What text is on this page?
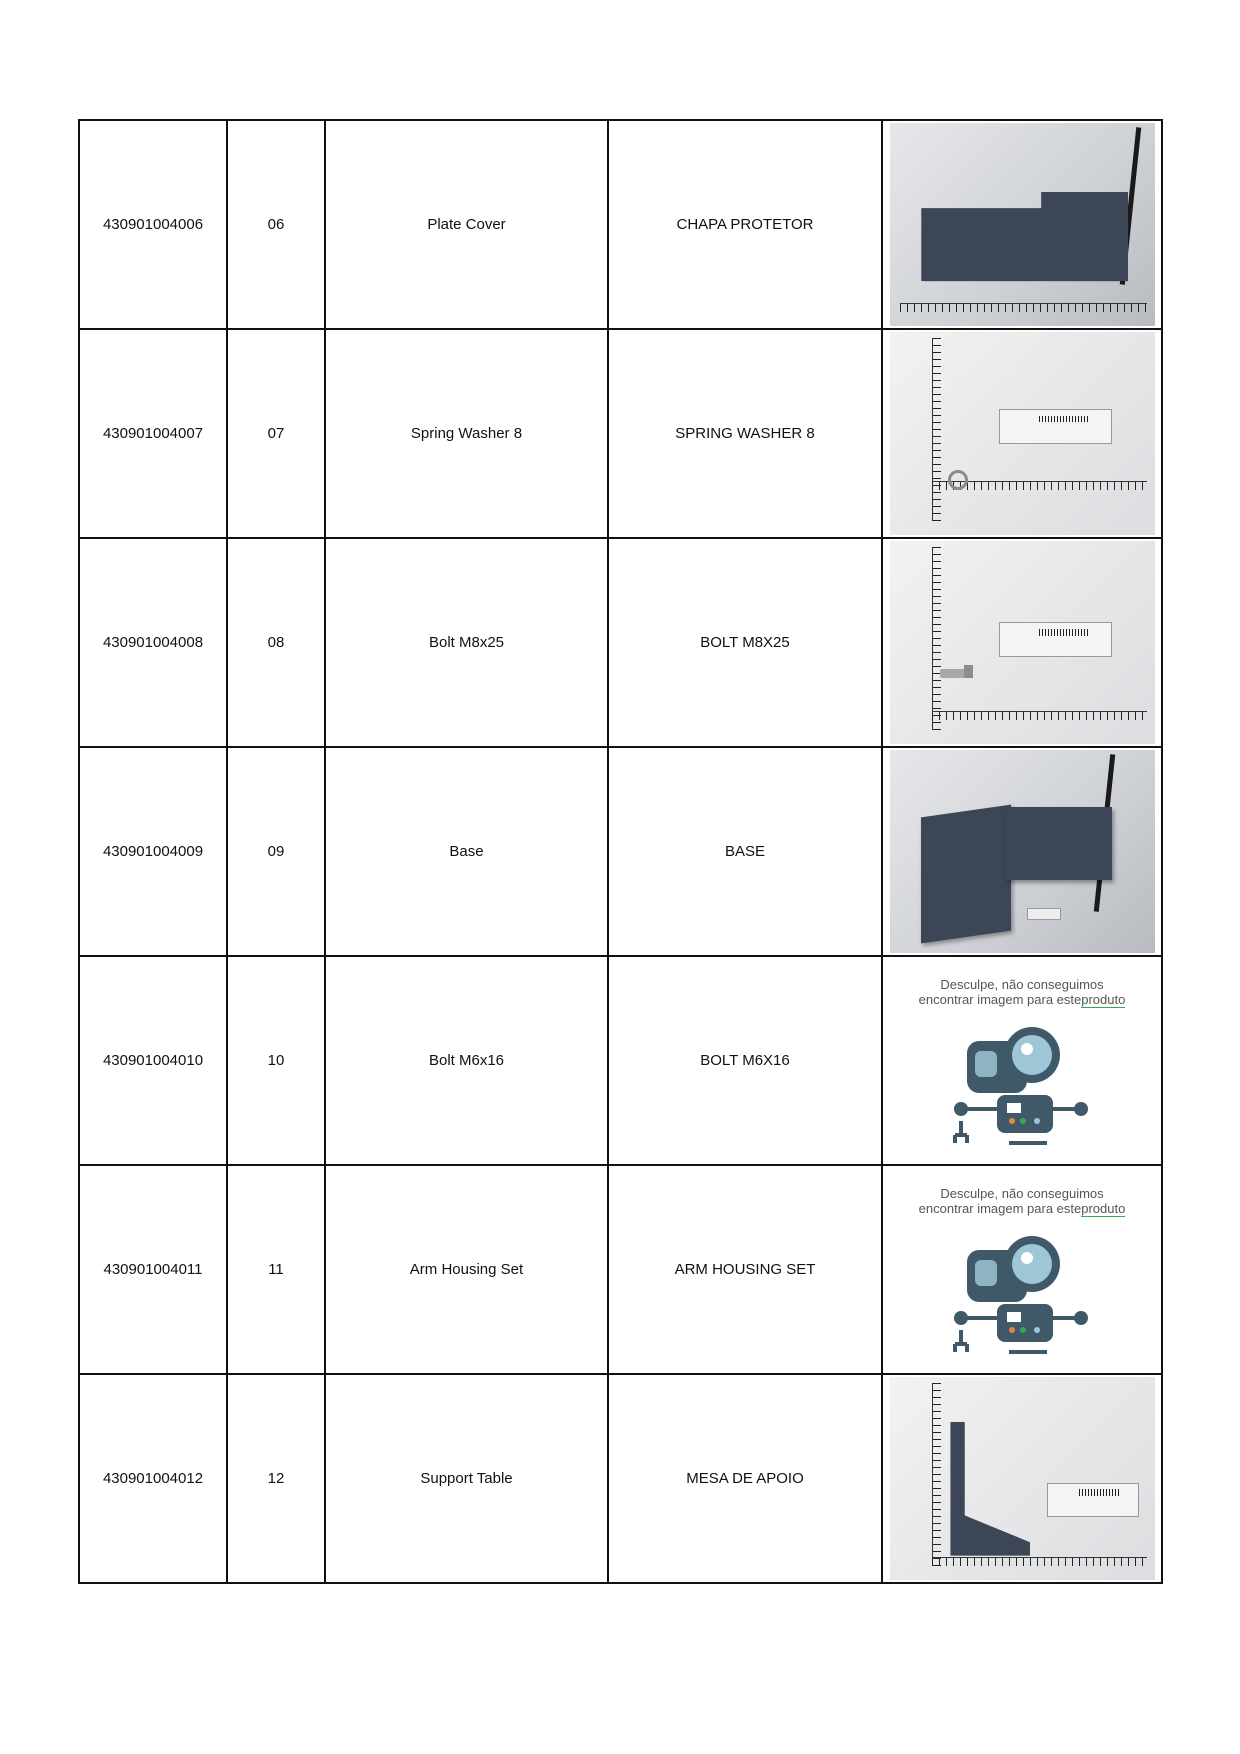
430901004006	06	Plate Cover	CHAPA PROTETOR	

430901004007	07	Spring Washer 8	SPRING WASHER 8	

430901004008	08	Bolt M8x25	BOLT M8X25	

430901004009	09	Base	BASE	

430901004010	10	Bolt M6x16	BOLT M6X16	Desculpe, não conseguimos
encontrar imagem para esteproduto

430901004011	11	Arm Housing Set	ARM HOUSING SET	Desculpe, não conseguimos
encontrar imagem para esteproduto

430901004012	12	Support Table	MESA DE APOIO	
